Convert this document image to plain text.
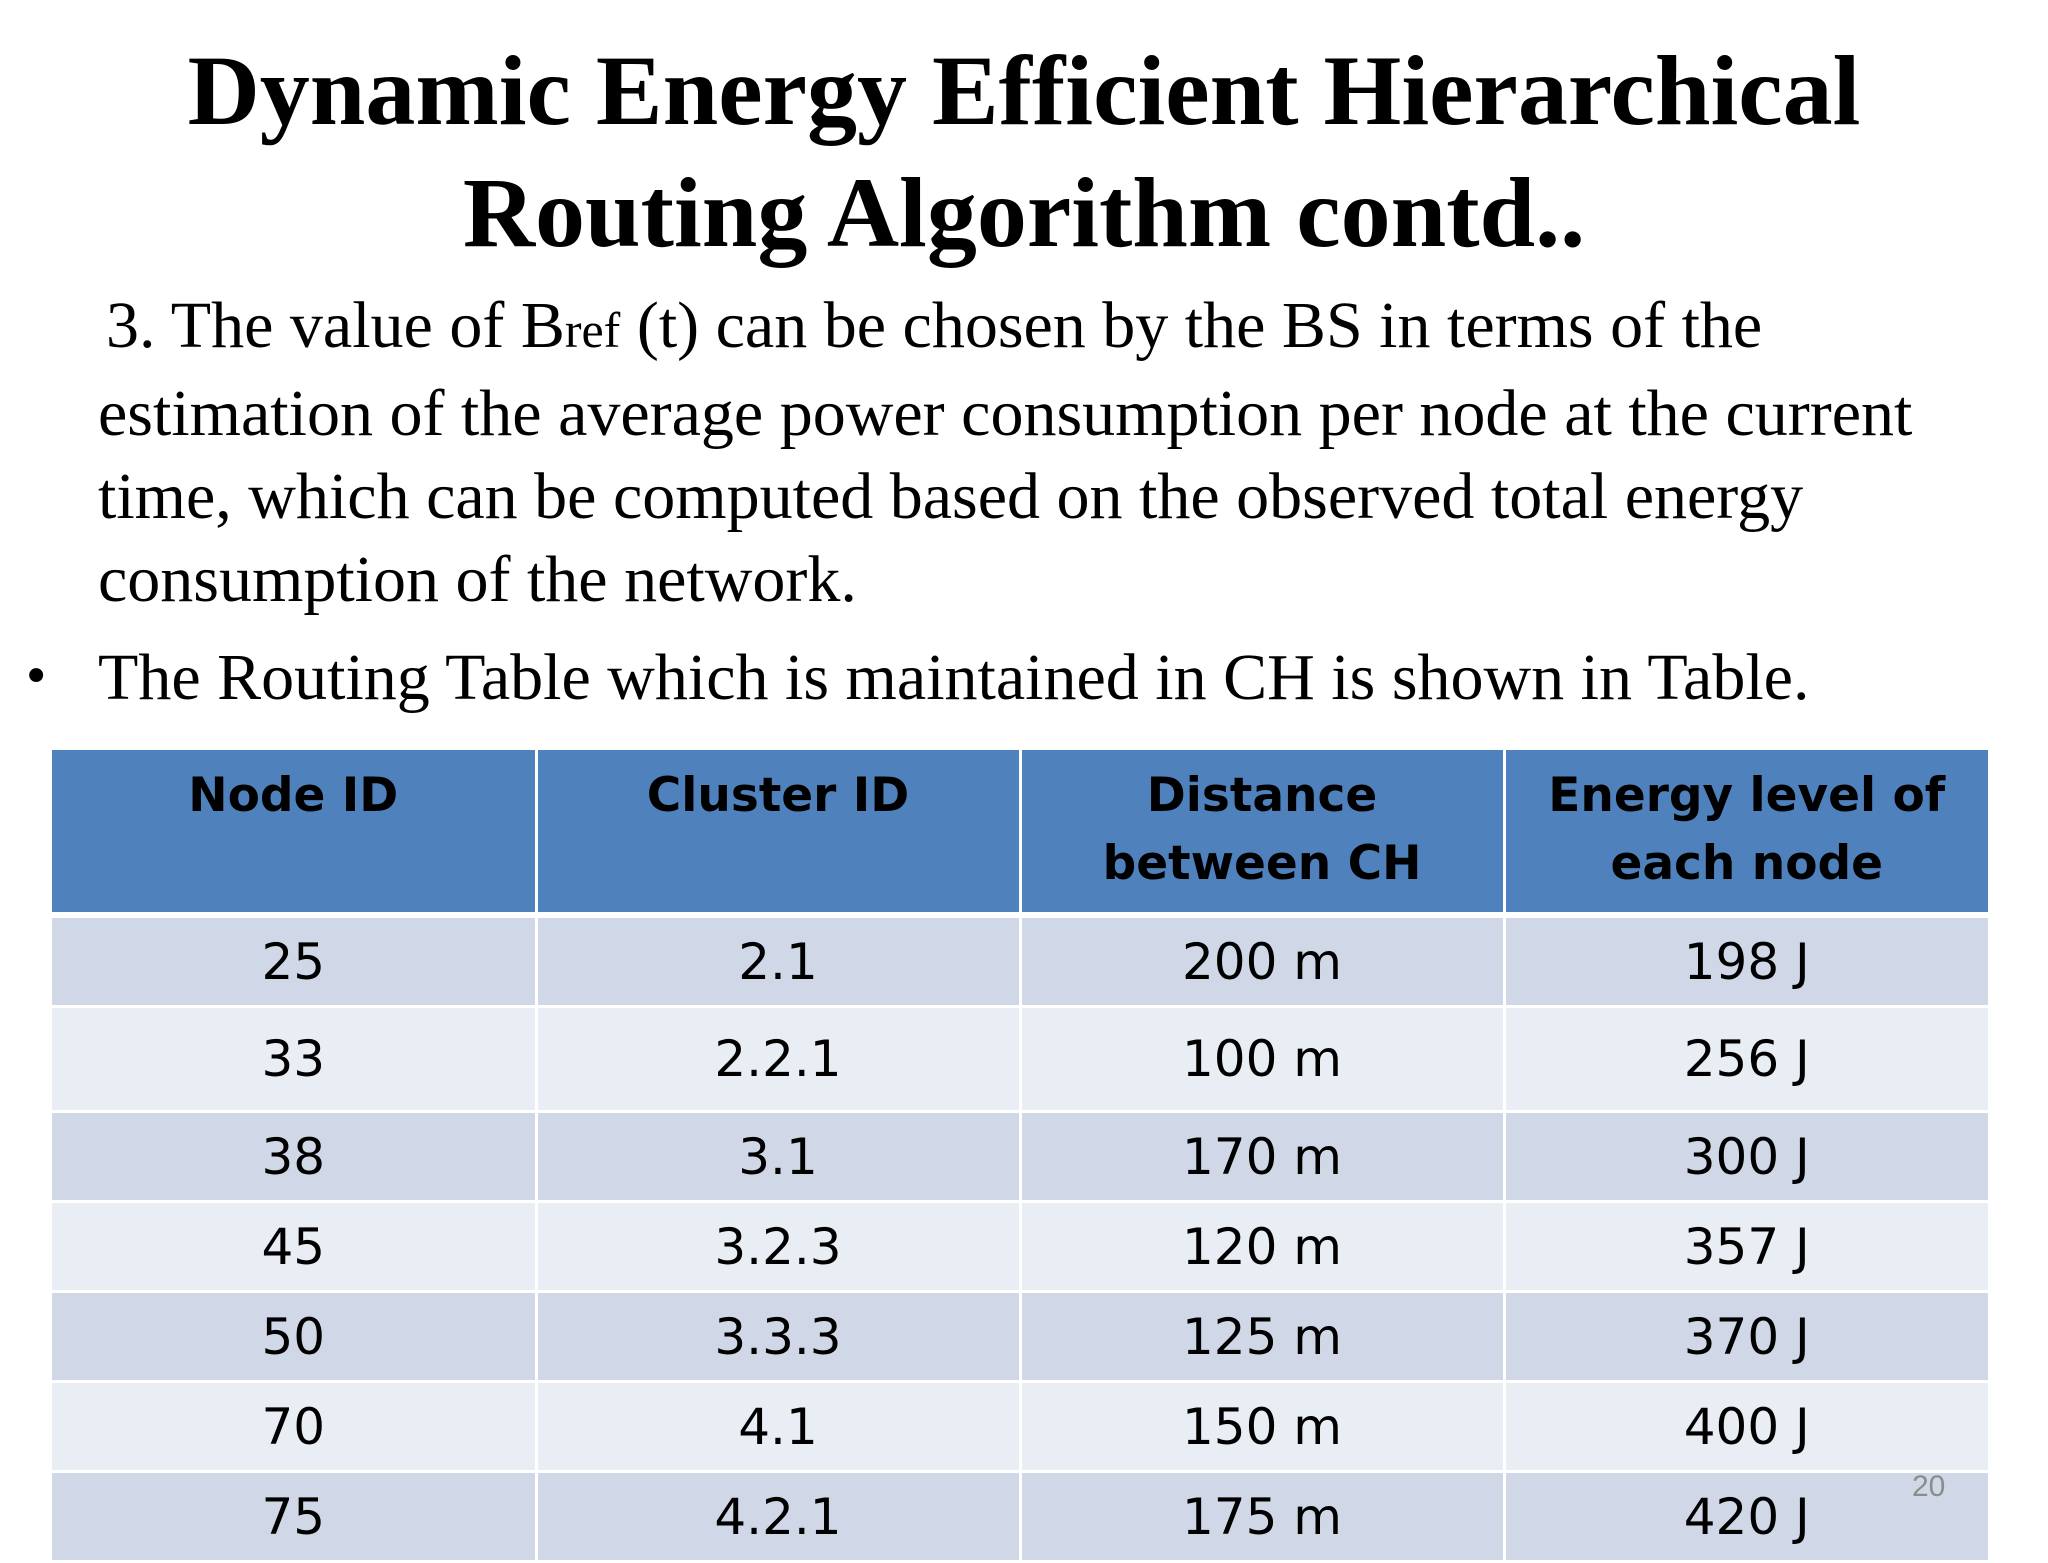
Dynamic Energy Efficient Hierarchical
Routing Algorithm contd..
3. The value of Bref (t) can be chosen by the BS in terms of the
estimation of the average power consumption per node at the current
time, which can be computed based on the observed total energy
consumption of the network.
• The Routing Table which is maintained in CH is shown in Table.
Node ID	Cluster ID	Distance between CH	Energy level of each node
25	2.1	200 m	198 J
33	2.2.1	100 m	256 J
38	3.1	170 m	300 J
45	3.2.3	120 m	357 J
50	3.3.3	125 m	370 J
70	4.1	150 m	400 J
75	4.2.1	175 m	420 J
20
